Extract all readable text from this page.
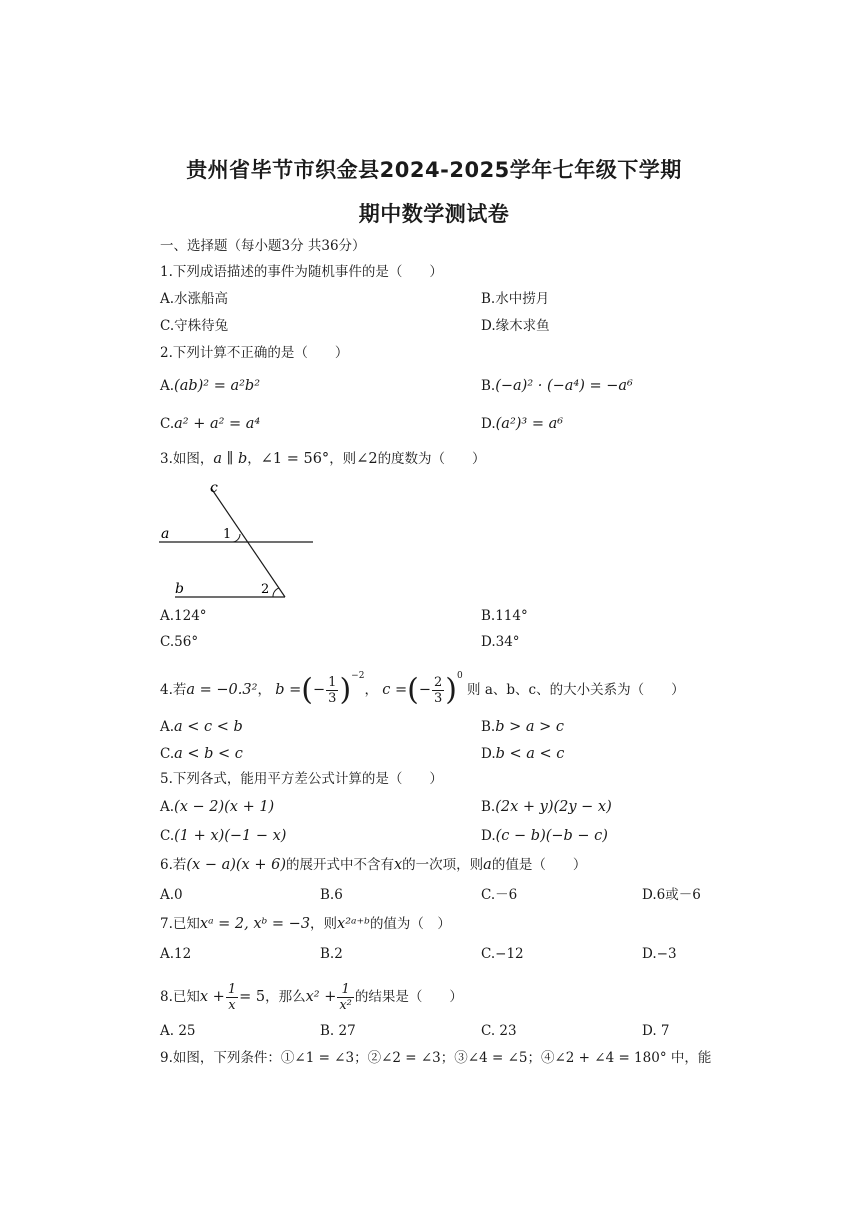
贵州省毕节市织金县2024-2025学年七年级下学期
期中数学测试卷
一、选择题（每小题3分 共36分）
1.下列成语描述的事件为随机事件的是（　　）
A.水涨船高	B.水中捞月
C.守株待兔	D.缘木求鱼
2.下列计算不正确的是（　　）
A.(ab)² = a²b²	B.(−a)² · (−a⁴) = −a⁶
C.a² + a² = a⁴	D.(a²)³ = a⁶
3.如图，a ∥ b，∠1 = 56°，则∠2的度数为（　　）
c
a
b
1
2
A.124°	B.114°
C.56°	D.34°
4.若a = −0.3²， b =(− $\frac{1}{3} )^{-2}$， c =(− $\frac{2}{3} )^0$ 则 a、b、c、的大小关系为（　　）
A.a < c < b	B.b > a > c
C.a < b < c	D.b < a < c
5.下列各式，能用平方差公式计算的是（　　）
A.(x − 2)(x + 1)	B.(2x + y)(2y − x)
C.(1 + x)(−1 − x)	D.(c − b)(−b − c)
6.若(x − a)(x + 6)的展开式中不含有x的一次项，则a的值是（　　）
A.0	B.6	C.－6	D.6或－6
7.已知xᵃ = 2, xᵇ = −3，则x²ᵃ⁺ᵇ的值为（　）
A.12	B.2	C.−12	D.−3
8.已知$x + \frac{1}{x} = 5$，那么$x^2 + \frac{1}{\text{x²}}$ 的结果是（　　）
A. 25	B. 27	C. 23	D. 7
9.如图，下列条件：①∠1 = ∠3；②∠2 = ∠3；③∠4 = ∠5；④∠2 + ∠4 = 180° 中，能
